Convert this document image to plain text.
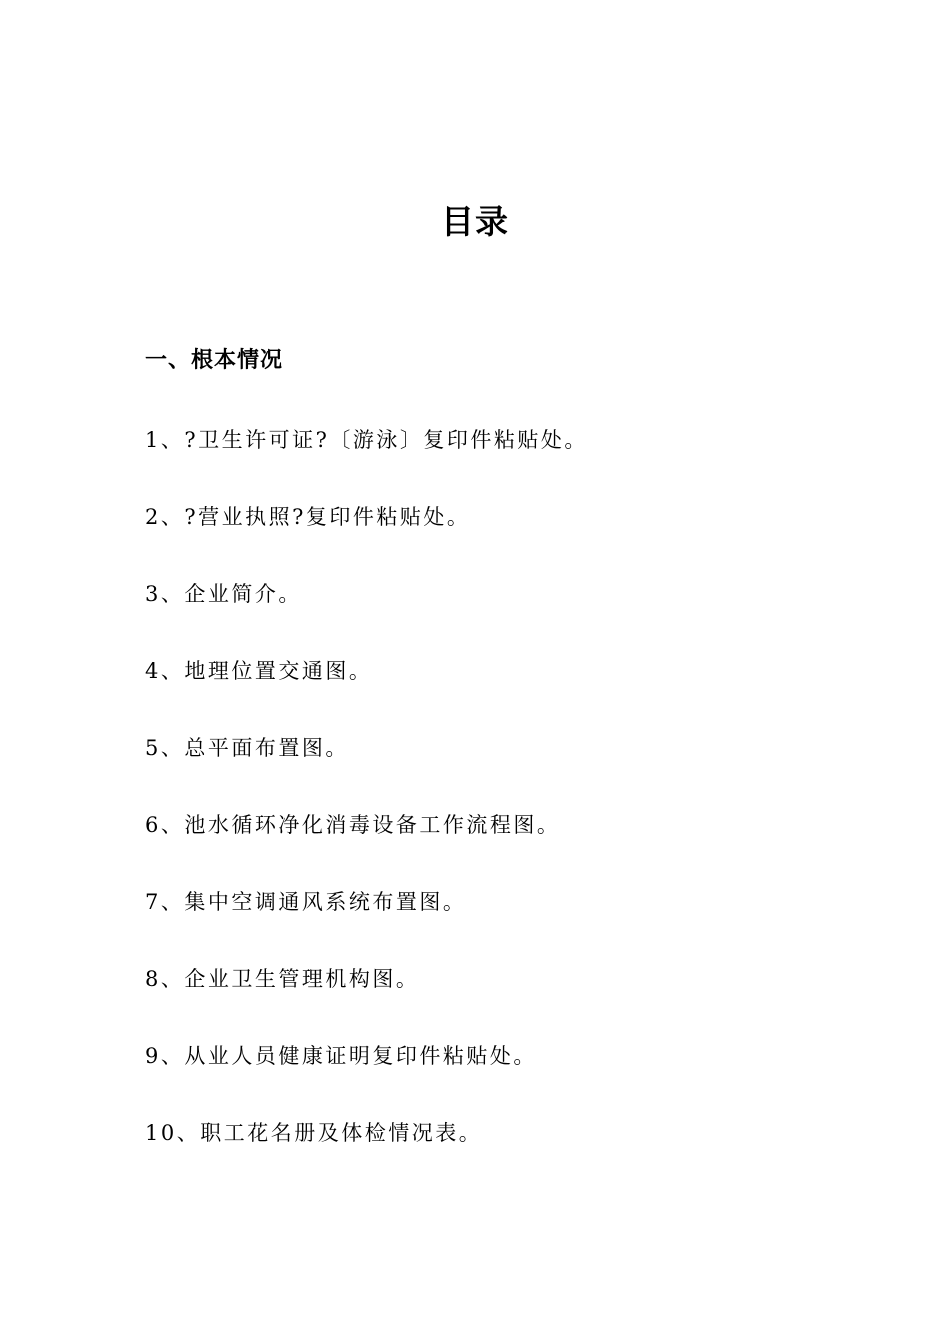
目录
一、根本情况
1、?卫生许可证?〔游泳〕复印件粘贴处。
2、?营业执照?复印件粘贴处。
3、企业简介。
4、地理位置交通图。
5、总平面布置图。
6、池水循环净化消毒设备工作流程图。
7、集中空调通风系统布置图。
8、企业卫生管理机构图。
9、从业人员健康证明复印件粘贴处。
10、职工花名册及体检情况表。
